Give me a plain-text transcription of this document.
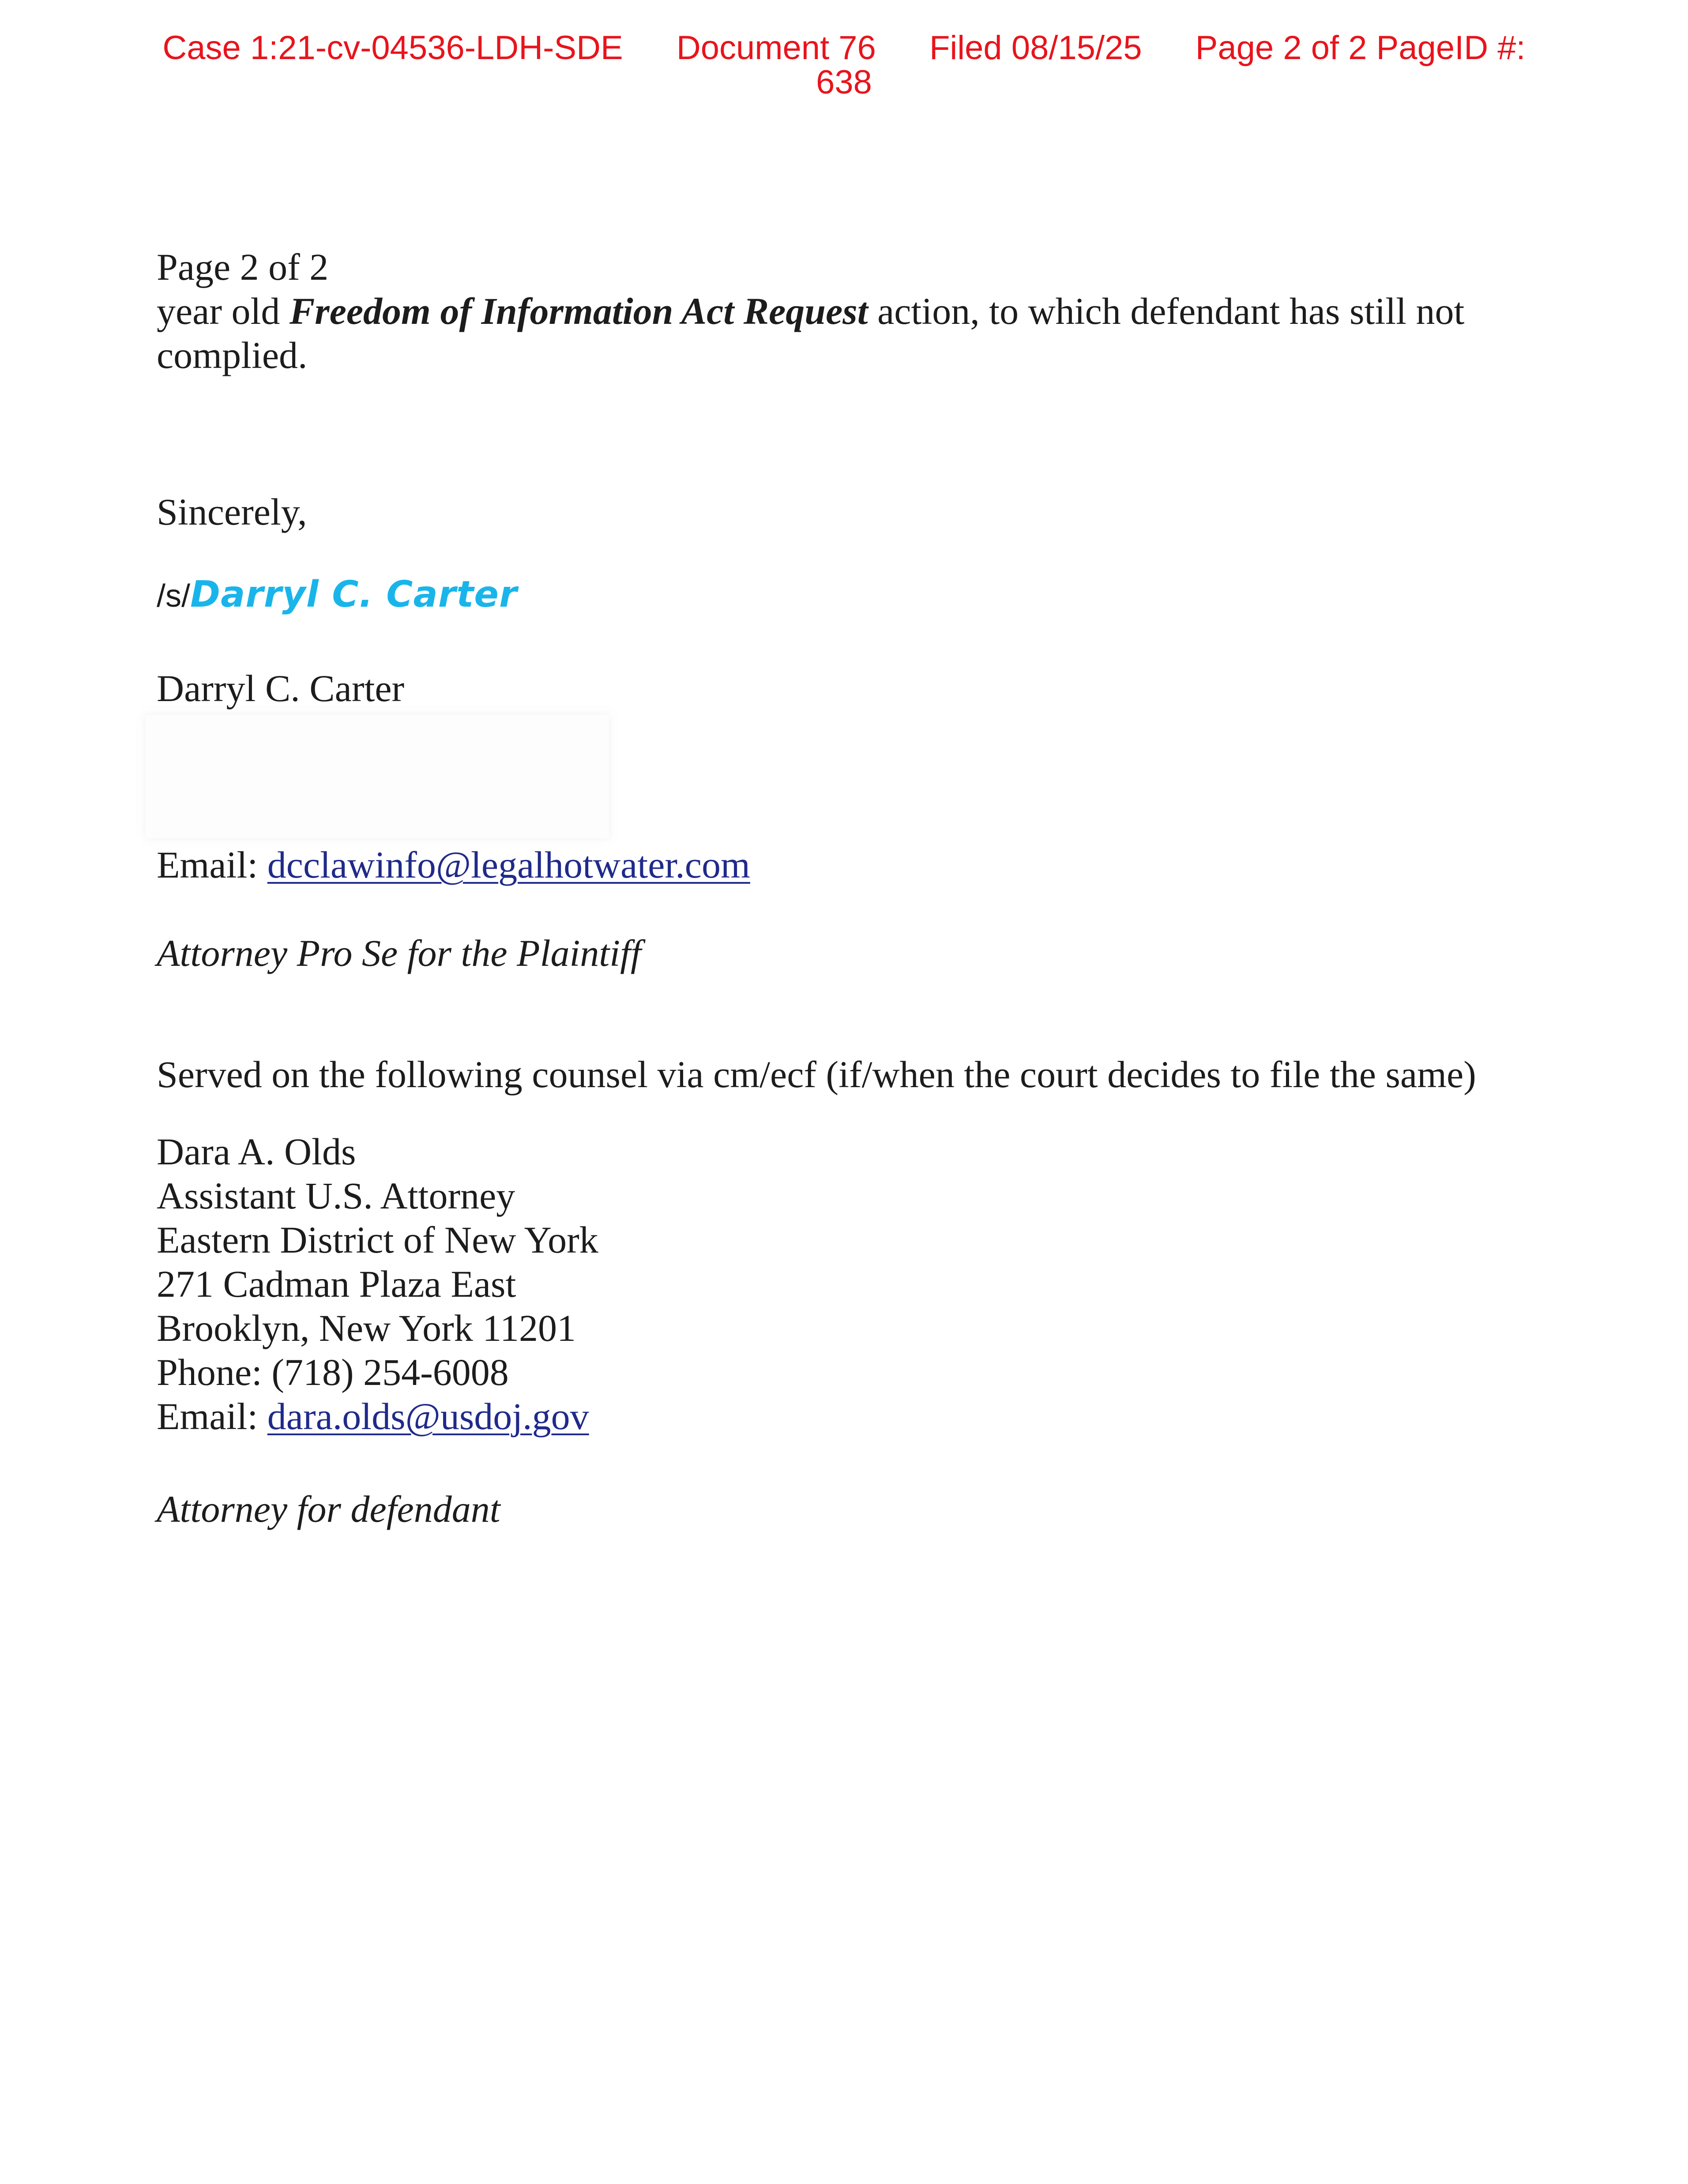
Case 1:21-cv-04536-LDH-SDE Document 76 Filed 08/15/25 Page 2 of 2 PageID #:
638
Page 2 of 2
year old Freedom of Information Act Request action, to which defendant has still not complied.
Sincerely,
/s/ Darryl C. Carter
Darryl C. Carter
Email: dcclawinfo@legalhotwater.com
Attorney Pro Se for the Plaintiff
Served on the following counsel via cm/ecf (if/when the court decides to file the same)
Dara A. Olds
Assistant U.S. Attorney
Eastern District of New York
271 Cadman Plaza East
Brooklyn, New York 11201
Phone: (718) 254-6008
Email: dara.olds@usdoj.gov
Attorney for defendant
